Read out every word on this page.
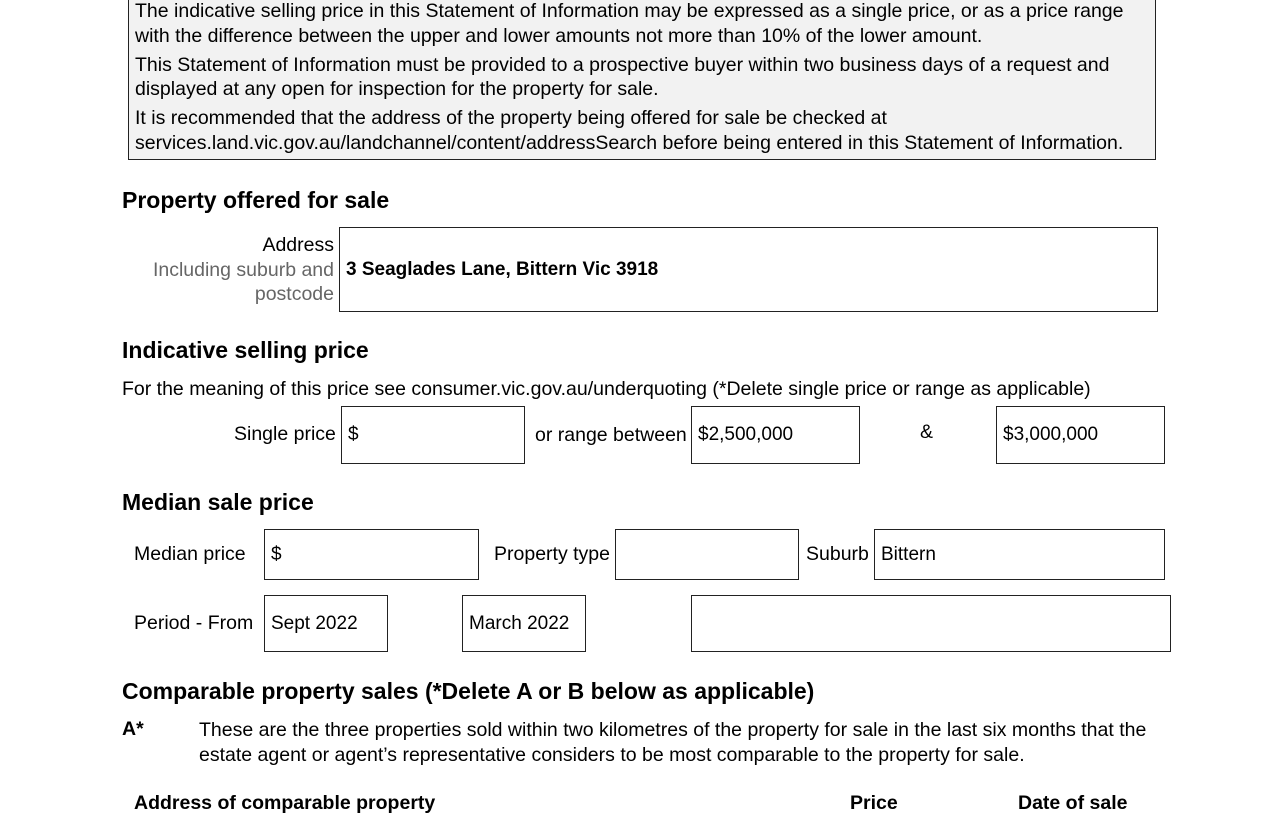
The indicative selling price in this Statement of Information may be expressed as a single price, or as a price range
with the difference between the upper and lower amounts not more than 10% of the lower amount.

This Statement of Information must be provided to a prospective buyer within two business days of a request and
displayed at any open for inspection for the property for sale.

It is recommended that the address of the property being offered for sale be checked at
services.land.vic.gov.au/landchannel/content/addressSearch before being entered in this Statement of Information.

Property offered for sale
Address
Including suburb and
postcode
3 Seaglades Lane, Bittern Vic 3918
Indicative selling price
For the meaning of this price see consumer.vic.gov.au/underquoting (*Delete single price or range as applicable)
Single price $	or range between $2,500,000	&	$3,000,000
Median sale price
Median price	$	Property type	Suburb Bittern
Period - From Sept 2022	March 2022
Comparable property sales (*Delete A or B below as applicable)
A*	These are the three properties sold within two kilometres of the property for sale in the last six months that the
estate agent or agent’s representative considers to be most comparable to the property for sale.
Address of comparable property	Price	Date of sale
